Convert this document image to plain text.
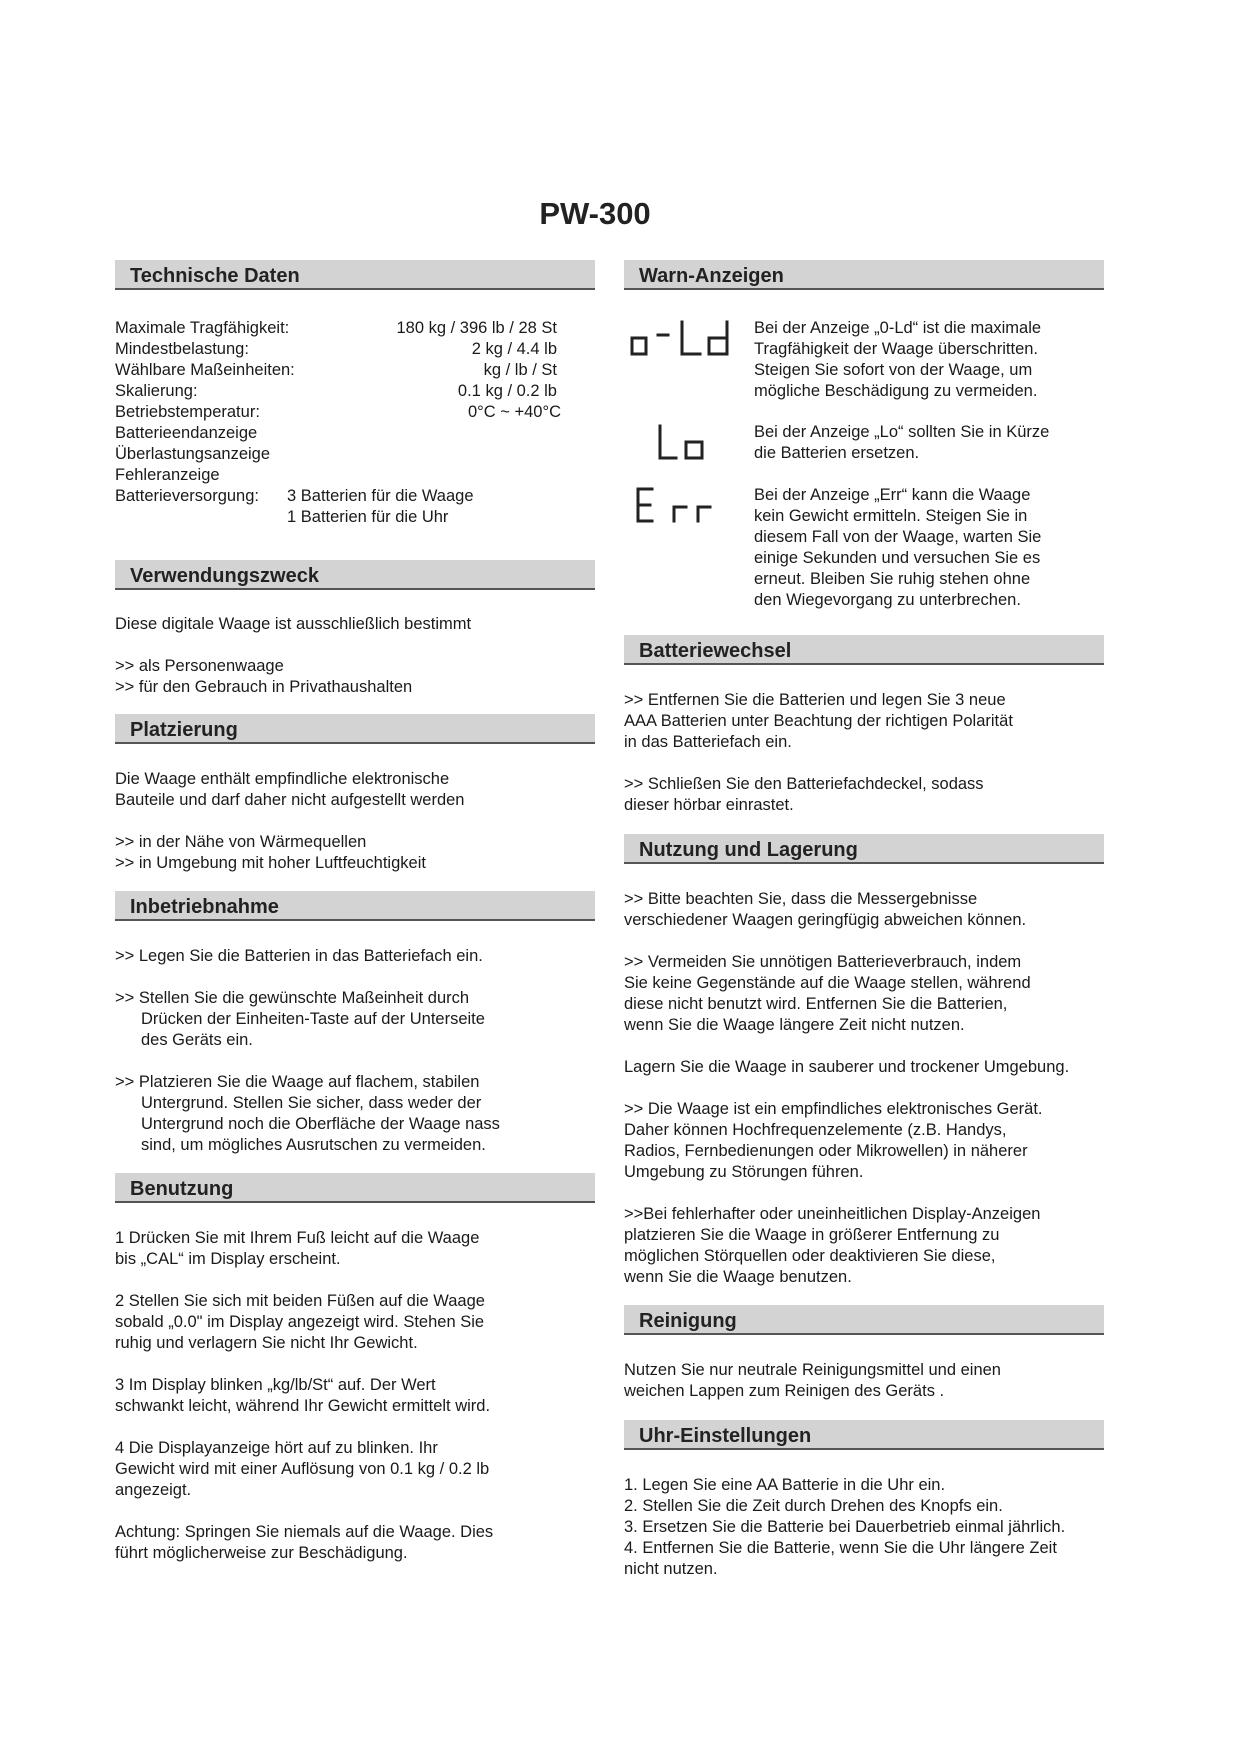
PW-300
Technische Daten
Maximale Tragfähigkeit:	180 kg / 396 lb / 28 St
Mindestbelastung:	2 kg / 4.4 lb
Wählbare Maßeinheiten:	kg / lb / St
Skalierung:	0.1 kg / 0.2 lb
Betriebstemperatur:	0°C ~ +40°C
Batterieendanzeige
Überlastungsanzeige
Fehleranzeige
Batterieversorgung:	3 Batterien für die Waage
1 Batterien für die Uhr
Verwendungszweck
Diese digitale Waage ist ausschließlich bestimmt
>> als Personenwaage
>> für den Gebrauch in Privathaushalten
Platzierung
Die Waage enthält empfindliche elektronische
Bauteile und darf daher nicht aufgestellt werden
>> in der Nähe von Wärmequellen
>> in Umgebung mit hoher Luftfeuchtigkeit
Inbetriebnahme
>> Legen Sie die Batterien in das Batteriefach ein.
>> Stellen Sie die gewünschte Maßeinheit durch
Drücken der Einheiten-Taste auf der Unterseite
des Geräts ein.
>> Platzieren Sie die Waage auf flachem, stabilen
Untergrund. Stellen Sie sicher, dass weder der
Untergrund noch die Oberfläche der Waage nass
sind, um mögliches Ausrutschen zu vermeiden.
Benutzung
1 Drücken Sie mit Ihrem Fuß leicht auf die Waage
bis „CAL“ im Display erscheint.
2 Stellen Sie sich mit beiden Füßen auf die Waage
sobald „0.0" im Display angezeigt wird. Stehen Sie
ruhig und verlagern Sie nicht Ihr Gewicht.
3 Im Display blinken „kg/lb/St“ auf. Der Wert
schwankt leicht, während Ihr Gewicht ermittelt wird.
4 Die Displayanzeige hört auf zu blinken. Ihr
Gewicht wird mit einer Auflösung von 0.1 kg / 0.2 lb
angezeigt.
Achtung: Springen Sie niemals auf die Waage. Dies
führt möglicherweise zur Beschädigung.
Warn-Anzeigen
Bei der Anzeige „0-Ld“ ist die maximale
Tragfähigkeit der Waage überschritten.
Steigen Sie sofort von der Waage, um
mögliche Beschädigung zu vermeiden.
Bei der Anzeige „Lo“ sollten Sie in Kürze
die Batterien ersetzen.
Bei der Anzeige „Err“ kann die Waage
kein Gewicht ermitteln. Steigen Sie in
diesem Fall von der Waage, warten Sie
einige Sekunden und versuchen Sie es
erneut. Bleiben Sie ruhig stehen ohne
den Wiegevorgang zu unterbrechen.
Batteriewechsel
>> Entfernen Sie die Batterien und legen Sie 3 neue
AAA Batterien unter Beachtung der richtigen Polarität
in das Batteriefach ein.
>> Schließen Sie den Batteriefachdeckel, sodass
dieser hörbar einrastet.
Nutzung und Lagerung
>> Bitte beachten Sie, dass die Messergebnisse
verschiedener Waagen geringfügig abweichen können.
>> Vermeiden Sie unnötigen Batterieverbrauch, indem
Sie keine Gegenstände auf die Waage stellen, während
diese nicht benutzt wird. Entfernen Sie die Batterien,
wenn Sie die Waage längere Zeit nicht nutzen.
Lagern Sie die Waage in sauberer und trockener Umgebung.
>> Die Waage ist ein empfindliches elektronisches Gerät.
Daher können Hochfrequenzelemente (z.B. Handys,
Radios, Fernbedienungen oder Mikrowellen) in näherer
Umgebung zu Störungen führen.
>>Bei fehlerhafter oder uneinheitlichen Display-Anzeigen
platzieren Sie die Waage in größerer Entfernung zu
möglichen Störquellen oder deaktivieren Sie diese,
wenn Sie die Waage benutzen.
Reinigung
Nutzen Sie nur neutrale Reinigungsmittel und einen
weichen Lappen zum Reinigen des Geräts .
Uhr-Einstellungen
1. Legen Sie eine AA Batterie in die Uhr ein.
2. Stellen Sie die Zeit durch Drehen des Knopfs ein.
3. Ersetzen Sie die Batterie bei Dauerbetrieb einmal jährlich.
4. Entfernen Sie die Batterie, wenn Sie die Uhr längere Zeit
nicht nutzen.
